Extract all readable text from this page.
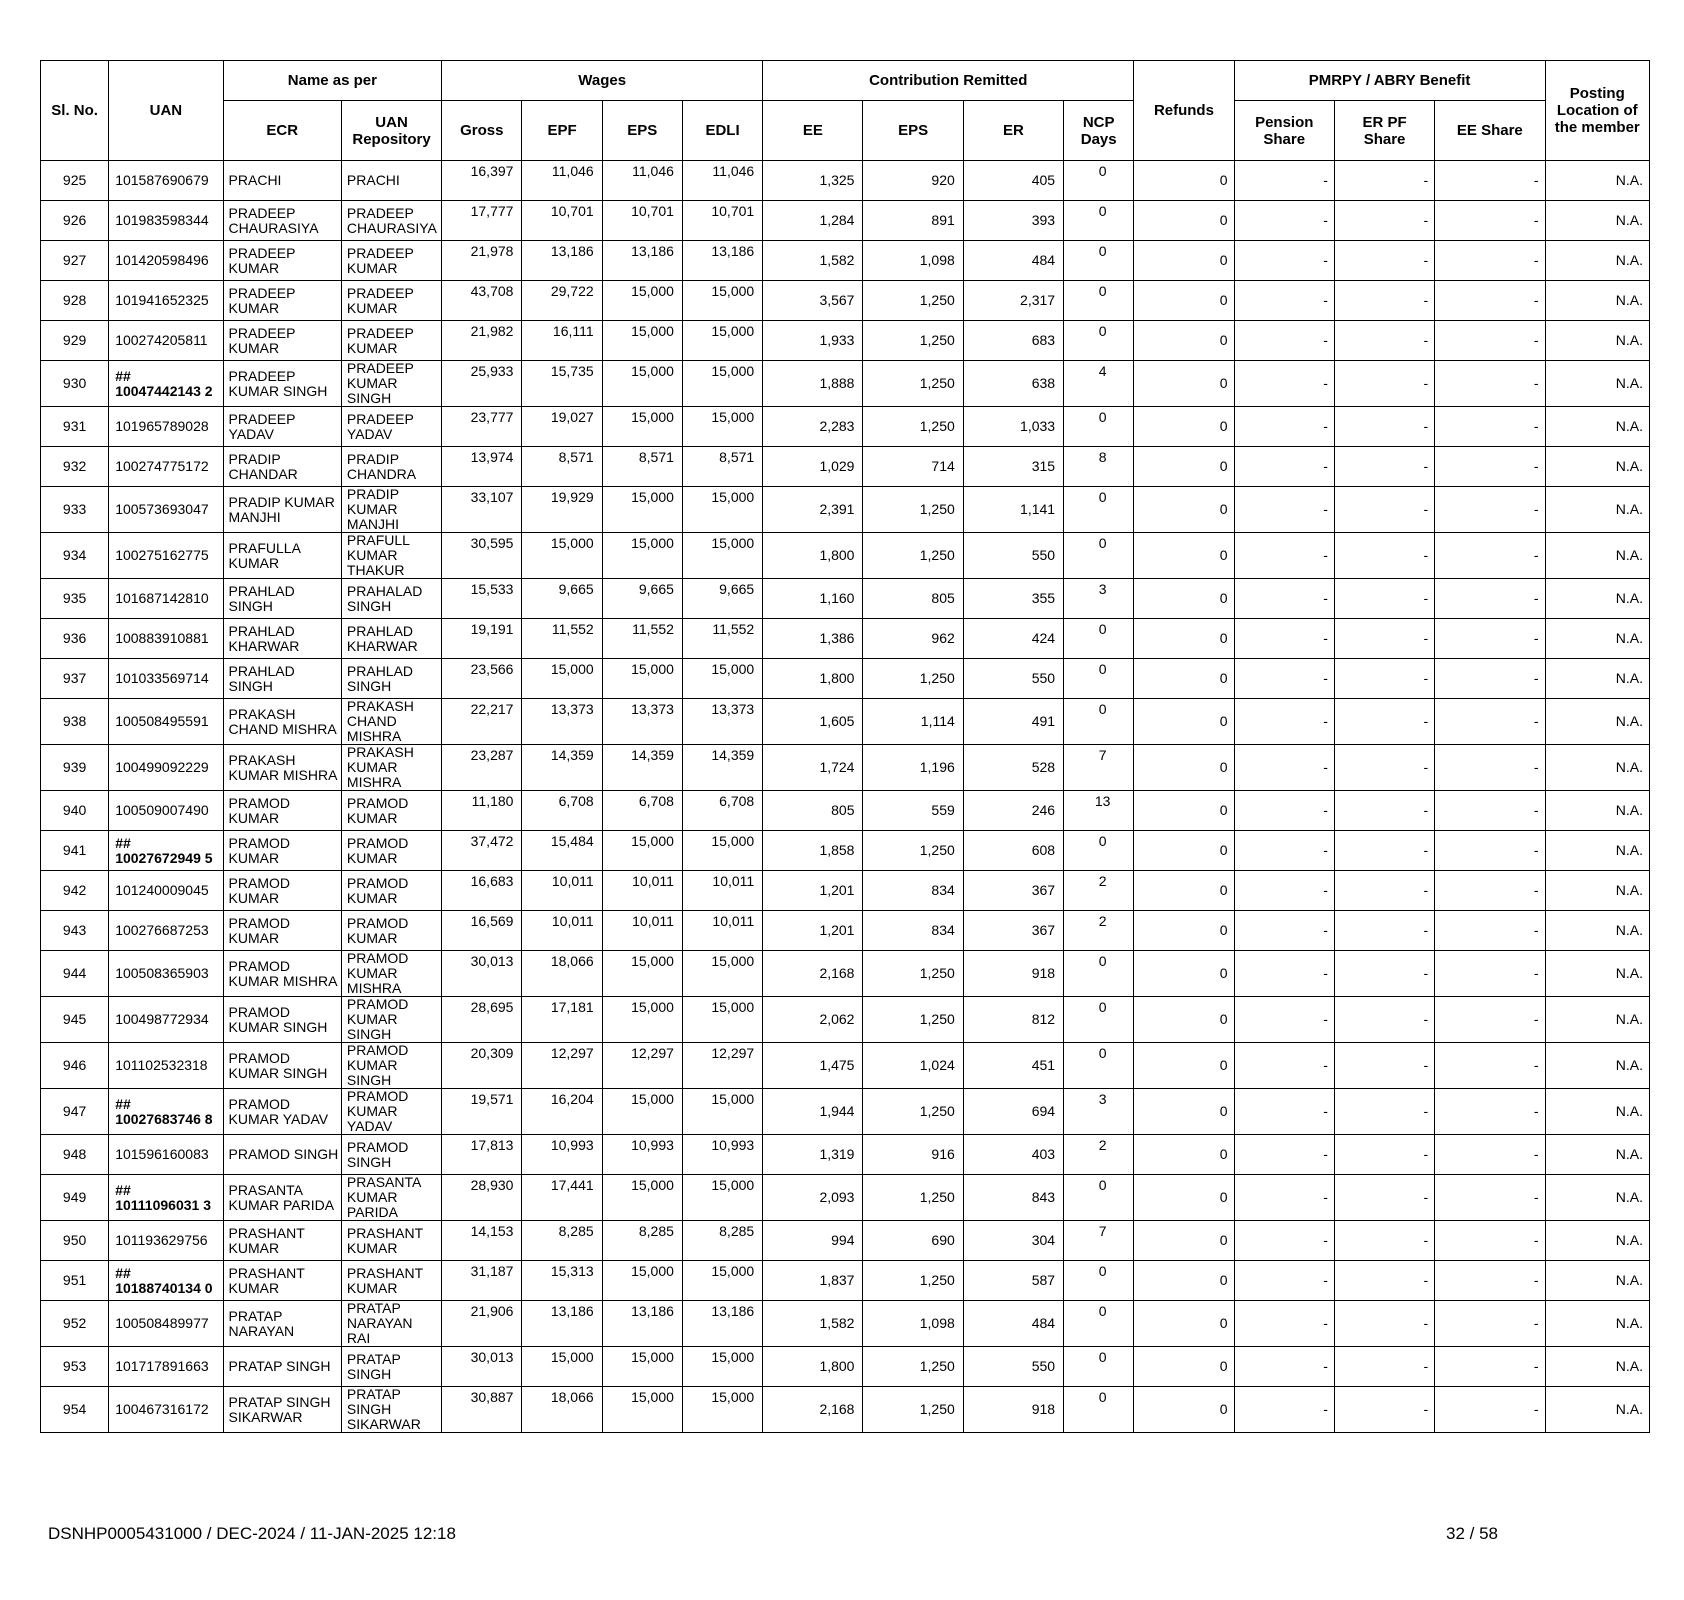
Sl. No.	UAN	Name as per		Wages				Contribution Remitted				Refunds	PMRPY / ABRY Benefit			Posting Location of the member
		ECR	UAN Repository	Gross	EPF	EPS	EDLI	EE	EPS	ER	NCP Days		Pension Share	ER PF Share	EE Share	
925	101587690679	PRACHI	PRACHI	16,397	11,046	11,046	11,046	1,325	920	405	0	0	-	-	-	N.A.
926	101983598344	PRADEEP CHAURASIYA	PRADEEP CHAURASIYA	17,777	10,701	10,701	10,701	1,284	891	393	0	0	-	-	-	N.A.
927	101420598496	PRADEEP KUMAR	PRADEEP KUMAR	21,978	13,186	13,186	13,186	1,582	1,098	484	0	0	-	-	-	N.A.
928	101941652325	PRADEEP KUMAR	PRADEEP KUMAR	43,708	29,722	15,000	15,000	3,567	1,250	2,317	0	0	-	-	-	N.A.
929	100274205811	PRADEEP KUMAR	PRADEEP KUMAR	21,982	16,111	15,000	15,000	1,933	1,250	683	0	0	-	-	-	N.A.
930	## 10047442143 2	PRADEEP KUMAR SINGH	PRADEEP KUMAR SINGH	25,933	15,735	15,000	15,000	1,888	1,250	638	4	0	-	-	-	N.A.
931	101965789028	PRADEEP YADAV	PRADEEP YADAV	23,777	19,027	15,000	15,000	2,283	1,250	1,033	0	0	-	-	-	N.A.
932	100274775172	PRADIP CHANDAR	PRADIP CHANDRA	13,974	8,571	8,571	8,571	1,029	714	315	8	0	-	-	-	N.A.
933	100573693047	PRADIP KUMAR MANJHI	PRADIP KUMAR MANJHI	33,107	19,929	15,000	15,000	2,391	1,250	1,141	0	0	-	-	-	N.A.
934	100275162775	PRAFULLA KUMAR	PRAFULL KUMAR THAKUR	30,595	15,000	15,000	15,000	1,800	1,250	550	0	0	-	-	-	N.A.
935	101687142810	PRAHLAD SINGH	PRAHALAD SINGH	15,533	9,665	9,665	9,665	1,160	805	355	3	0	-	-	-	N.A.
936	100883910881	PRAHLAD KHARWAR	PRAHLAD KHARWAR	19,191	11,552	11,552	11,552	1,386	962	424	0	0	-	-	-	N.A.
937	101033569714	PRAHLAD SINGH	PRAHLAD SINGH	23,566	15,000	15,000	15,000	1,800	1,250	550	0	0	-	-	-	N.A.
938	100508495591	PRAKASH CHAND MISHRA	PRAKASH CHAND MISHRA	22,217	13,373	13,373	13,373	1,605	1,114	491	0	0	-	-	-	N.A.
939	100499092229	PRAKASH KUMAR MISHRA	PRAKASH KUMAR MISHRA	23,287	14,359	14,359	14,359	1,724	1,196	528	7	0	-	-	-	N.A.
940	100509007490	PRAMOD KUMAR	PRAMOD KUMAR	11,180	6,708	6,708	6,708	805	559	246	13	0	-	-	-	N.A.
941	## 10027672949 5	PRAMOD KUMAR	PRAMOD KUMAR	37,472	15,484	15,000	15,000	1,858	1,250	608	0	0	-	-	-	N.A.
942	101240009045	PRAMOD KUMAR	PRAMOD KUMAR	16,683	10,011	10,011	10,011	1,201	834	367	2	0	-	-	-	N.A.
943	100276687253	PRAMOD KUMAR	PRAMOD KUMAR	16,569	10,011	10,011	10,011	1,201	834	367	2	0	-	-	-	N.A.
944	100508365903	PRAMOD KUMAR MISHRA	PRAMOD KUMAR MISHRA	30,013	18,066	15,000	15,000	2,168	1,250	918	0	0	-	-	-	N.A.
945	100498772934	PRAMOD KUMAR SINGH	PRAMOD KUMAR SINGH	28,695	17,181	15,000	15,000	2,062	1,250	812	0	0	-	-	-	N.A.
946	101102532318	PRAMOD KUMAR SINGH	PRAMOD KUMAR SINGH	20,309	12,297	12,297	12,297	1,475	1,024	451	0	0	-	-	-	N.A.
947	## 10027683746 8	PRAMOD KUMAR YADAV	PRAMOD KUMAR YADAV	19,571	16,204	15,000	15,000	1,944	1,250	694	3	0	-	-	-	N.A.
948	101596160083	PRAMOD SINGH	PRAMOD SINGH	17,813	10,993	10,993	10,993	1,319	916	403	2	0	-	-	-	N.A.
949	## 10111096031 3	PRASANTA KUMAR PARIDA	PRASANTA KUMAR PARIDA	28,930	17,441	15,000	15,000	2,093	1,250	843	0	0	-	-	-	N.A.
950	101193629756	PRASHANT KUMAR	PRASHANT KUMAR	14,153	8,285	8,285	8,285	994	690	304	7	0	-	-	-	N.A.
951	## 10188740134 0	PRASHANT KUMAR	PRASHANT KUMAR	31,187	15,313	15,000	15,000	1,837	1,250	587	0	0	-	-	-	N.A.
952	100508489977	PRATAP NARAYAN	PRATAP NARAYAN RAI	21,906	13,186	13,186	13,186	1,582	1,098	484	0	0	-	-	-	N.A.
953	101717891663	PRATAP SINGH	PRATAP SINGH	30,013	15,000	15,000	15,000	1,800	1,250	550	0	0	-	-	-	N.A.
954	100467316172	PRATAP SINGH SIKARWAR	PRATAP SINGH SIKARWAR	30,887	18,066	15,000	15,000	2,168	1,250	918	0	0	-	-	-	N.A.
DSNHP0005431000 / DEC-2024 / 11-JAN-2025 12:18	32 / 58
